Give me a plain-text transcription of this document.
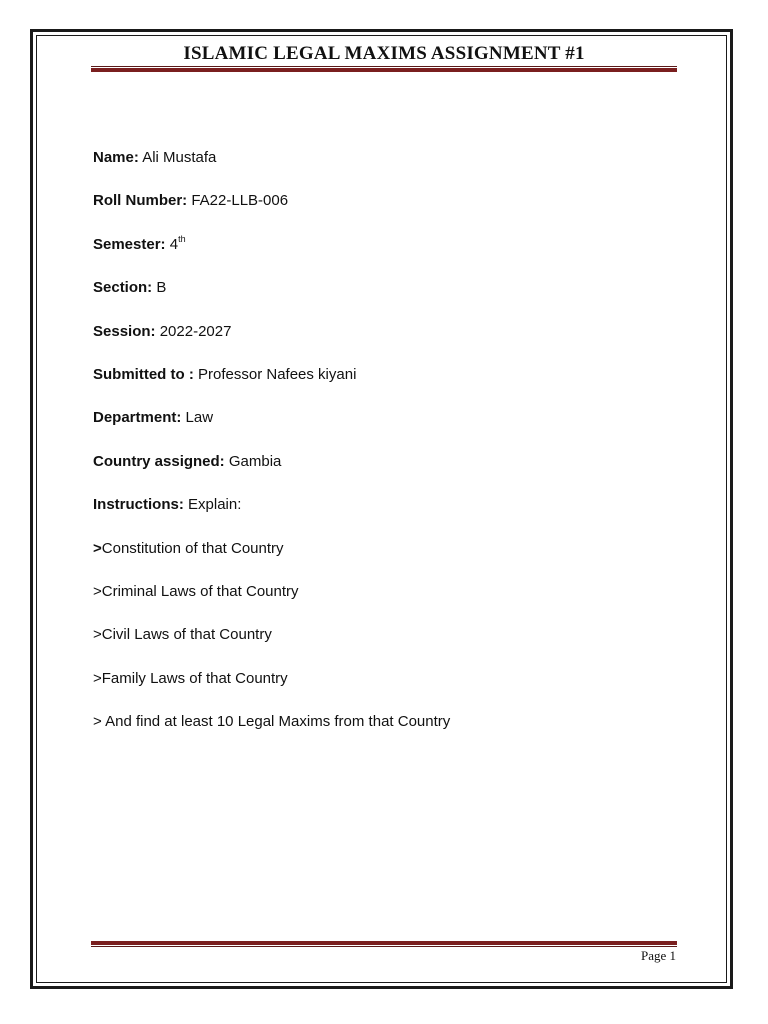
ISLAMIC LEGAL MAXIMS ASSIGNMENT #1
Name: Ali Mustafa
Roll Number: FA22-LLB-006
Semester: 4th
Section: B
Session: 2022-2027
Submitted to : Professor Nafees kiyani
Department: Law
Country assigned: Gambia
Instructions: Explain:
>Constitution of that Country
>Criminal Laws of that Country
>Civil Laws of that Country
>Family Laws of that Country
> And find at least 10 Legal Maxims from that Country
Page 1
